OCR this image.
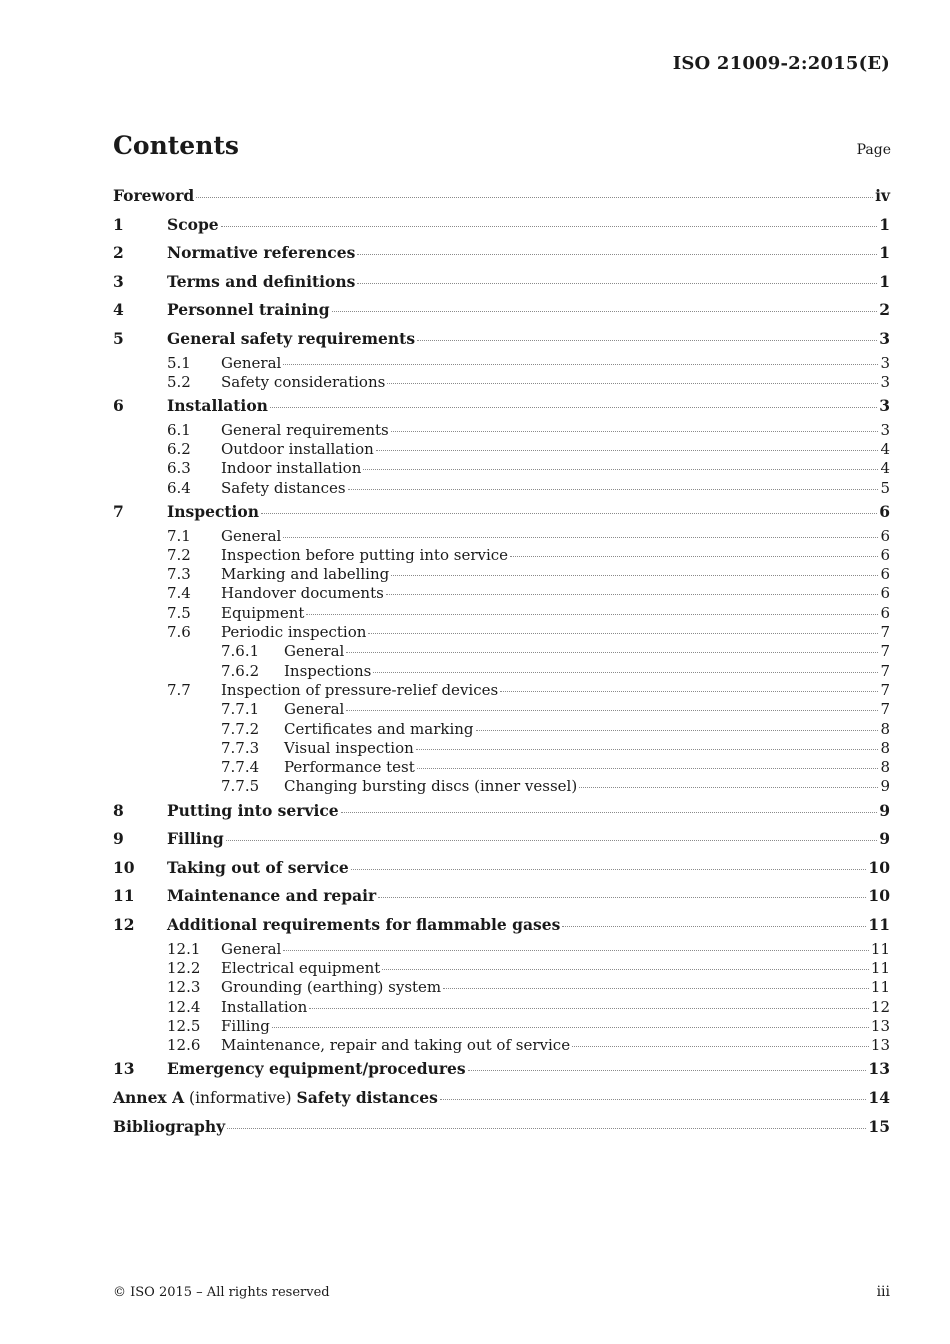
ISO 21009-2:2015(E)
Contents	Page
Foreword	iv
1	Scope	1
2	Normative references	1
3	Terms and definitions	1
4	Personnel training	2
5	General safety requirements	3
5.1	General	3
5.2	Safety considerations	3
6	Installation	3
6.1	General requirements	3
6.2	Outdoor installation	4
6.3	Indoor installation	4
6.4	Safety distances	5
7	Inspection	6
7.1	General	6
7.2	Inspection before putting into service	6
7.3	Marking and labelling	6
7.4	Handover documents	6
7.5	Equipment	6
7.6	Periodic inspection	7
7.6.1	General	7
7.6.2	Inspections	7
7.7	Inspection of pressure-relief devices	7
7.7.1	General	7
7.7.2	Certificates and marking	8
7.7.3	Visual inspection	8
7.7.4	Performance test	8
7.7.5	Changing bursting discs (inner vessel)	9
8	Putting into service	9
9	Filling	9
10	Taking out of service	10
11	Maintenance and repair	10
12	Additional requirements for flammable gases	11
12.1	General	11
12.2	Electrical equipment	11
12.3	Grounding (earthing) system	11
12.4	Installation	12
12.5	Filling	13
12.6	Maintenance, repair and taking out of service	13
13	Emergency equipment/procedures	13
Annex A (informative) Safety distances	14
Bibliography	15
© ISO 2015 – All rights reserved	iii
